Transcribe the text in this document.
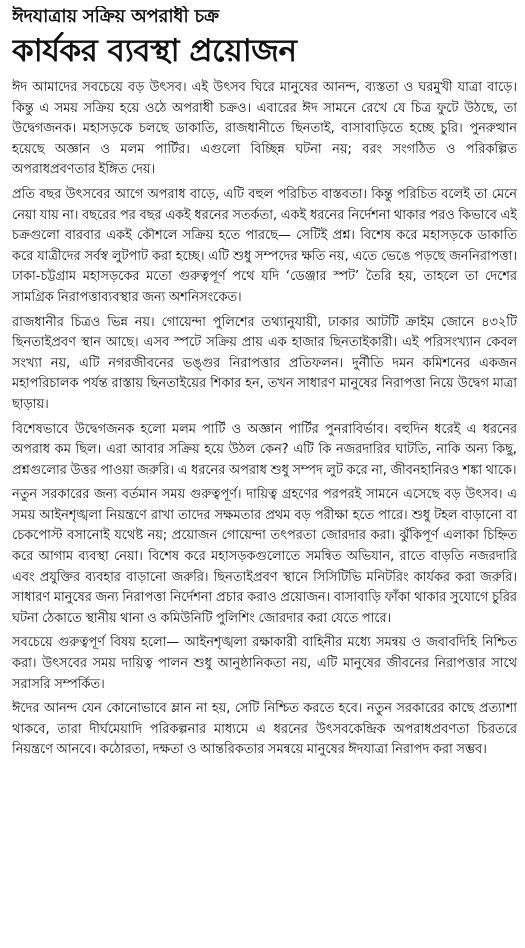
ঈদযাত্রায় সক্রিয় অপরাধী চক্র
কার্যকর ব্যবস্থা প্রয়োজন

ঈদ আমাদের সবচেয়ে বড় উৎসব। এই উৎসব ঘিরে মানুষের আনন্দ, ব্যস্ততা ও ঘরমুখী যাত্রা বাড়ে। কিন্তু এ সময় সক্রিয় হয়ে ওঠে অপরাধী চক্রও। এবারের ঈদ সামনে রেখে যে চিত্র ফুটে উঠছে, তা উদ্বেগজনক। মহাসড়কে চলছে ডাকাতি, রাজধানীতে ছিনতাই, বাসাবাড়িতে হচ্ছে চুরি। পুনরুত্থান হয়েছে অজ্ঞান ও মলম পার্টির। এগুলো বিচ্ছিন্ন ঘটনা নয়; বরং সংগঠিত ও পরিকল্পিত অপরাধপ্রবণতার ইঙ্গিত দেয়।

প্রতি বছর উৎসবের আগে অপরাধ বাড়ে, এটি বহুল পরিচিত বাস্তবতা। কিন্তু পরিচিত বলেই তা মেনে নেয়া যায় না। বছরের পর বছর একই ধরনের সতর্কতা, একই ধরনের নির্দেশনা থাকার পরও কিভাবে এই চক্রগুলো বারবার একই কৌশলে সক্রিয় হতে পারছে— সেটিই প্রশ্ন। বিশেষ করে মহাসড়কে ডাকাতি করে যাত্রীদের সর্বস্ব লুটপাট করা হচ্ছে। এটি শুধু সম্পদের ক্ষতি নয়, এতে ভেঙে পড়ছে জননিরাপত্তা। ঢাকা-চট্টগ্রাম মহাসড়কের মতো গুরুত্বপূর্ণ পথে যদি ‘ডেঞ্জার স্পট’ তৈরি হয়, তাহলে তা দেশের সামগ্রিক নিরাপত্তাব্যবস্থার জন্য অশনিসংকেত।

রাজধানীর চিত্রও ভিন্ন নয়। গোয়েন্দা পুলিশের তথ্যানুযায়ী, ঢাকার আটটি ক্রাইম জোনে ৪৩২টি ছিনতাইপ্রবণ স্থান আছে। এসব স্পটে সক্রিয় প্রায় এক হাজার ছিনতাইকারী। এই পরিসংখ্যান কেবল সংখ্যা নয়, এটি নগরজীবনের ভঙ্গুর নিরাপত্তার প্রতিফলন। দুর্নীতি দমন কমিশনের একজন মহাপরিচালক পর্যন্ত রাস্তায় ছিনতাইয়ের শিকার হন, তখন সাধারণ মানুষের নিরাপত্তা নিয়ে উদ্বেগ মাত্রা ছাড়ায়।

বিশেষভাবে উদ্বেগজনক হলো মলম পার্টি ও অজ্ঞান পার্টির পুনরাবির্ভাব। বহুদিন ধরেই এ ধরনের অপরাধ কম ছিল। এরা আবার সক্রিয় হয়ে উঠল কেন? এটি কি নজরদারির ঘাটতি, নাকি অন্য কিছু, প্রশ্নগুলোর উত্তর পাওয়া জরুরি। এ ধরনের অপরাধ শুধু সম্পদ লুট করে না, জীবনহানিরও শঙ্কা থাকে।

নতুন সরকারের জন্য বর্তমান সময় গুরুত্বপূর্ণ। দায়িত্ব গ্রহণের পরপরই সামনে এসেছে বড় উৎসব। এ সময় আইনশৃঙ্খলা নিয়ন্ত্রণে রাখা তাদের সক্ষমতার প্রথম বড় পরীক্ষা হতে পারে। শুধু টহল বাড়ানো বা চেকপোস্ট বসানোই যথেষ্ট নয়; প্রয়োজন গোয়েন্দা তৎপরতা জোরদার করা। ঝুঁকিপূর্ণ এলাকা চিহ্নিত করে আগাম ব্যবস্থা নেয়া। বিশেষ করে মহাসড়কগুলোতে সমন্বিত অভিযান, রাতে বাড়তি নজরদারি এবং প্রযুক্তির ব্যবহার বাড়ানো জরুরি। ছিনতাইপ্রবণ স্থানে সিসিটিভি মনিটরিং কার্যকর করা জরুরি। সাধারণ মানুষের জন্য নিরাপত্তা নির্দেশনা প্রচার করাও প্রয়োজন। বাসাবাড়ি ফাঁকা থাকার সুযোগে চুরির ঘটনা ঠেকাতে স্থানীয় থানা ও কমিউনিটি পুলিশিং জোরদার করা যেতে পারে।

সবচেয়ে গুরুত্বপূর্ণ বিষয় হলো— আইনশৃঙ্খলা রক্ষাকারী বাহিনীর মধ্যে সমন্বয় ও জবাবদিহি নিশ্চিত করা। উৎসবের সময় দায়িত্ব পালন শুধু আনুষ্ঠানিকতা নয়, এটি মানুষের জীবনের নিরাপত্তার সাথে সরাসরি সম্পর্কিত।

ঈদের আনন্দ যেন কোনোভাবে ম্লান না হয়, সেটি নিশ্চিত করতে হবে। নতুন সরকারের কাছে প্রত্যাশা থাকবে, তারা দীর্ঘমেয়াদি পরিকল্পনার মাধ্যমে এ ধরনের উৎসবকেন্দ্রিক অপরাধপ্রবণতা চিরতরে নিয়ন্ত্রণে আনবে। কঠোরতা, দক্ষতা ও আন্তরিকতার সমন্বয়ে মানুষের ঈদযাত্রা নিরাপদ করা সম্ভব।
